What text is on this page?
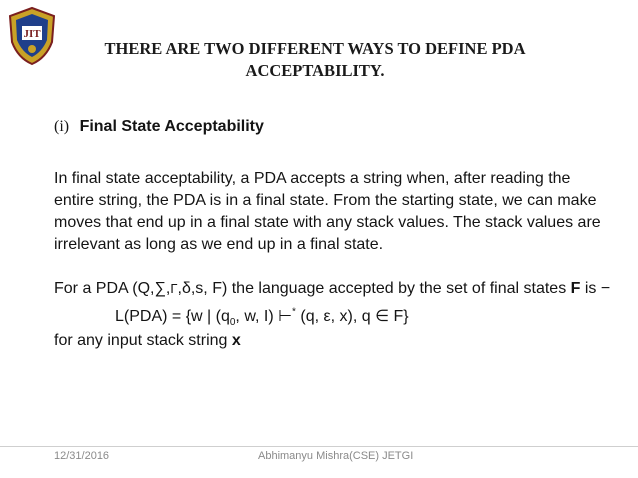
JIT
THERE ARE TWO DIFFERENT WAYS TO DEFINE PDA
ACCEPTABILITY.
(i) Final State Acceptability
In final state acceptability, a PDA accepts a string when, after reading the entire string, the PDA is in a final state. From the starting state, we can make moves that end up in a final state with any stack values. The stack values are irrelevant as long as we end up in a final state.
For a PDA (Q,∑,Γ,δ,s, F) the language accepted by the set of final states F is −
L(PDA) = {w | ($q_0$, w, I) ⊢* (q, ε, x), q ∈ F}
for any input stack string x
12/31/2016	Abhimanyu Mishra(CSE) JETGI
